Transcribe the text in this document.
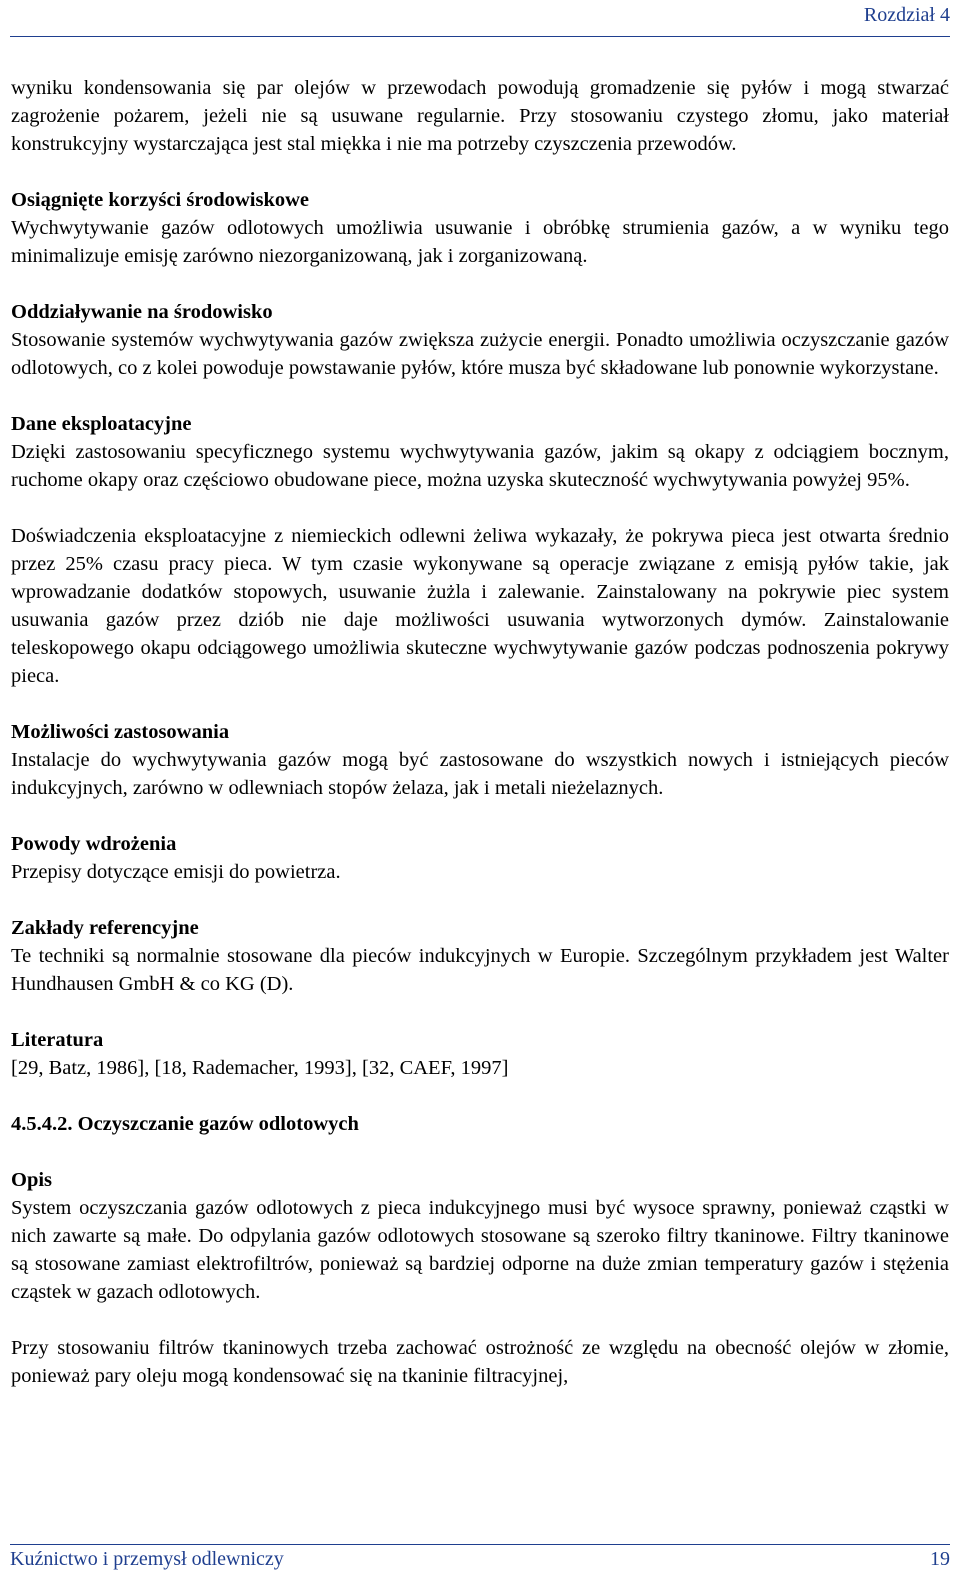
Rozdział 4

wyniku kondensowania się par olejów w przewodach powodują gromadzenie się pyłów i mogą stwarzać zagrożenie pożarem, jeżeli nie są usuwane regularnie. Przy stosowaniu czystego złomu, jako materiał konstrukcyjny wystarczająca jest stal miękka i nie ma potrzeby czyszczenia przewodów.

Osiągnięte korzyści środowiskowe

Wychwytywanie gazów odlotowych umożliwia usuwanie i obróbkę strumienia gazów, a w wyniku tego minimalizuje emisję zarówno niezorganizowaną, jak i zorganizowaną.

Oddziaływanie na środowisko

Stosowanie systemów wychwytywania gazów zwiększa zużycie energii. Ponadto umożliwia oczyszczanie gazów odlotowych, co z kolei powoduje powstawanie pyłów, które musza być składowane lub ponownie wykorzystane.

Dane eksploatacyjne

Dzięki zastosowaniu specyficznego systemu wychwytywania gazów, jakim są okapy z odciągiem bocznym, ruchome okapy oraz częściowo obudowane piece, można uzyska skuteczność wychwytywania powyżej 95%.

Doświadczenia eksploatacyjne z niemieckich odlewni żeliwa wykazały, że pokrywa pieca jest otwarta średnio przez 25% czasu pracy pieca. W tym czasie wykonywane są operacje związane z emisją pyłów takie, jak wprowadzanie dodatków stopowych, usuwanie żużla i zalewanie. Zainstalowany na pokrywie piec system usuwania gazów przez dziób nie daje możliwości usuwania wytworzonych dymów. Zainstalowanie teleskopowego okapu odciągowego umożliwia skuteczne wychwytywanie gazów podczas podnoszenia pokrywy pieca.

Możliwości zastosowania

Instalacje do wychwytywania gazów mogą być zastosowane do wszystkich nowych i istniejących pieców indukcyjnych, zarówno w odlewniach stopów żelaza, jak i metali nieżelaznych.

Powody wdrożenia

Przepisy dotyczące emisji do powietrza.

Zakłady referencyjne

Te techniki są normalnie stosowane dla pieców indukcyjnych w Europie. Szczególnym przykładem jest Walter Hundhausen GmbH & co KG (D).

Literatura

[29, Batz, 1986], [18, Rademacher, 1993], [32, CAEF, 1997]

4.5.4.2. Oczyszczanie gazów odlotowych

Opis

System oczyszczania gazów odlotowych z pieca indukcyjnego musi być wysoce sprawny, ponieważ cząstki w nich zawarte są małe. Do odpylania gazów odlotowych stosowane są szeroko filtry tkaninowe. Filtry tkaninowe są stosowane zamiast elektrofiltrów, ponieważ są bardziej odporne na duże zmian temperatury gazów i stężenia cząstek w gazach odlotowych.

Przy stosowaniu filtrów tkaninowych trzeba zachować ostrożność ze względu na obecność olejów w złomie, ponieważ pary oleju mogą kondensować się na tkaninie filtracyjnej,

Kuźnictwo i przemysł odlewniczy	19
